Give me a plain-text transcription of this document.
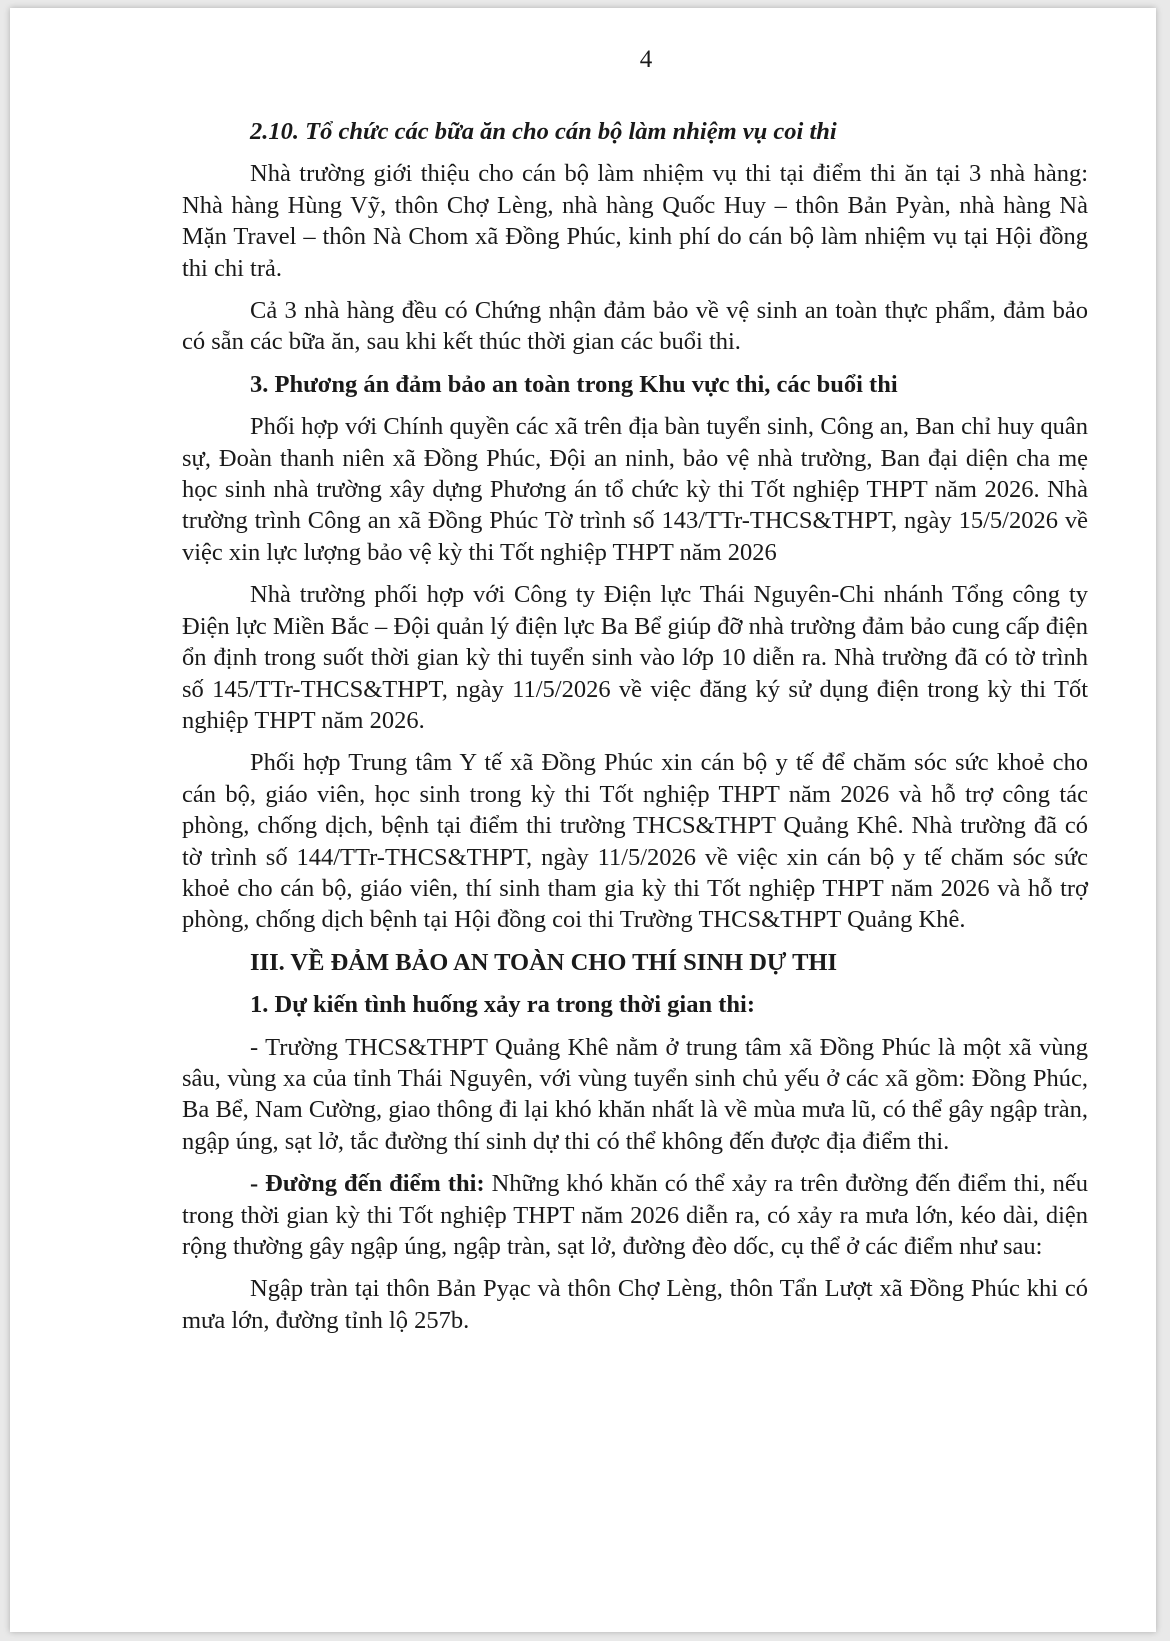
4
2.10. Tổ chức các bữa ăn cho cán bộ làm nhiệm vụ coi thi

Nhà trường giới thiệu cho cán bộ làm nhiệm vụ thi tại điểm thi ăn tại 3 nhà hàng: Nhà hàng Hùng Vỹ, thôn Chợ Lèng, nhà hàng Quốc Huy – thôn Bản Pyàn, nhà hàng Nà Mặn Travel – thôn Nà Chom xã Đồng Phúc, kinh phí do cán bộ làm nhiệm vụ tại Hội đồng thi chi trả.

Cả 3 nhà hàng đều có Chứng nhận đảm bảo về vệ sinh an toàn thực phẩm, đảm bảo có sẵn các bữa ăn, sau khi kết thúc thời gian các buổi thi.

3. Phương án đảm bảo an toàn trong Khu vực thi, các buổi thi

Phối hợp với Chính quyền các xã trên địa bàn tuyển sinh, Công an, Ban chỉ huy quân sự, Đoàn thanh niên xã Đồng Phúc, Đội an ninh, bảo vệ nhà trường, Ban đại diện cha mẹ học sinh nhà trường xây dựng Phương án tổ chức kỳ thi Tốt nghiệp THPT năm 2026. Nhà trường trình Công an xã Đồng Phúc Tờ trình số 143/TTr-THCS&THPT, ngày 15/5/2026 về việc xin lực lượng bảo vệ kỳ thi Tốt nghiệp THPT năm 2026

Nhà trường phối hợp với Công ty Điện lực Thái Nguyên-Chi nhánh Tổng công ty Điện lực Miền Bắc – Đội quản lý điện lực Ba Bể giúp đỡ nhà trường đảm bảo cung cấp điện ổn định trong suốt thời gian kỳ thi tuyển sinh vào lớp 10 diễn ra. Nhà trường đã có tờ trình số 145/TTr-THCS&THPT, ngày 11/5/2026 về việc đăng ký sử dụng điện trong kỳ thi Tốt nghiệp THPT năm 2026.

Phối hợp Trung tâm Y tế xã Đồng Phúc xin cán bộ y tế để chăm sóc sức khoẻ cho cán bộ, giáo viên, học sinh trong kỳ thi Tốt nghiệp THPT năm 2026 và hỗ trợ công tác phòng, chống dịch, bệnh tại điểm thi trường THCS&THPT Quảng Khê. Nhà trường đã có tờ trình số 144/TTr-THCS&THPT, ngày 11/5/2026 về việc xin cán bộ y tế chăm sóc sức khoẻ cho cán bộ, giáo viên, thí sinh tham gia kỳ thi Tốt nghiệp THPT năm 2026 và hỗ trợ phòng, chống dịch bệnh tại Hội đồng coi thi Trường THCS&THPT Quảng Khê.

III. VỀ ĐẢM BẢO AN TOÀN CHO THÍ SINH DỰ THI
1. Dự kiến tình huống xảy ra trong thời gian thi:

- Trường THCS&THPT Quảng Khê nằm ở trung tâm xã Đồng Phúc là một xã vùng sâu, vùng xa của tỉnh Thái Nguyên, với vùng tuyển sinh chủ yếu ở các xã gồm: Đồng Phúc, Ba Bể, Nam Cường, giao thông đi lại khó khăn nhất là về mùa mưa lũ, có thể gây ngập tràn, ngập úng, sạt lở, tắc đường thí sinh dự thi có thể không đến được địa điểm thi.

- Đường đến điểm thi: Những khó khăn có thể xảy ra trên đường đến điểm thi, nếu trong thời gian kỳ thi Tốt nghiệp THPT năm 2026 diễn ra, có xảy ra mưa lớn, kéo dài, diện rộng thường gây ngập úng, ngập tràn, sạt lở, đường đèo dốc, cụ thể ở các điểm như sau:

Ngập tràn tại thôn Bản Pyạc và thôn Chợ Lèng, thôn Tẩn Lượt xã Đồng Phúc khi có mưa lớn, đường tỉnh lộ 257b.
